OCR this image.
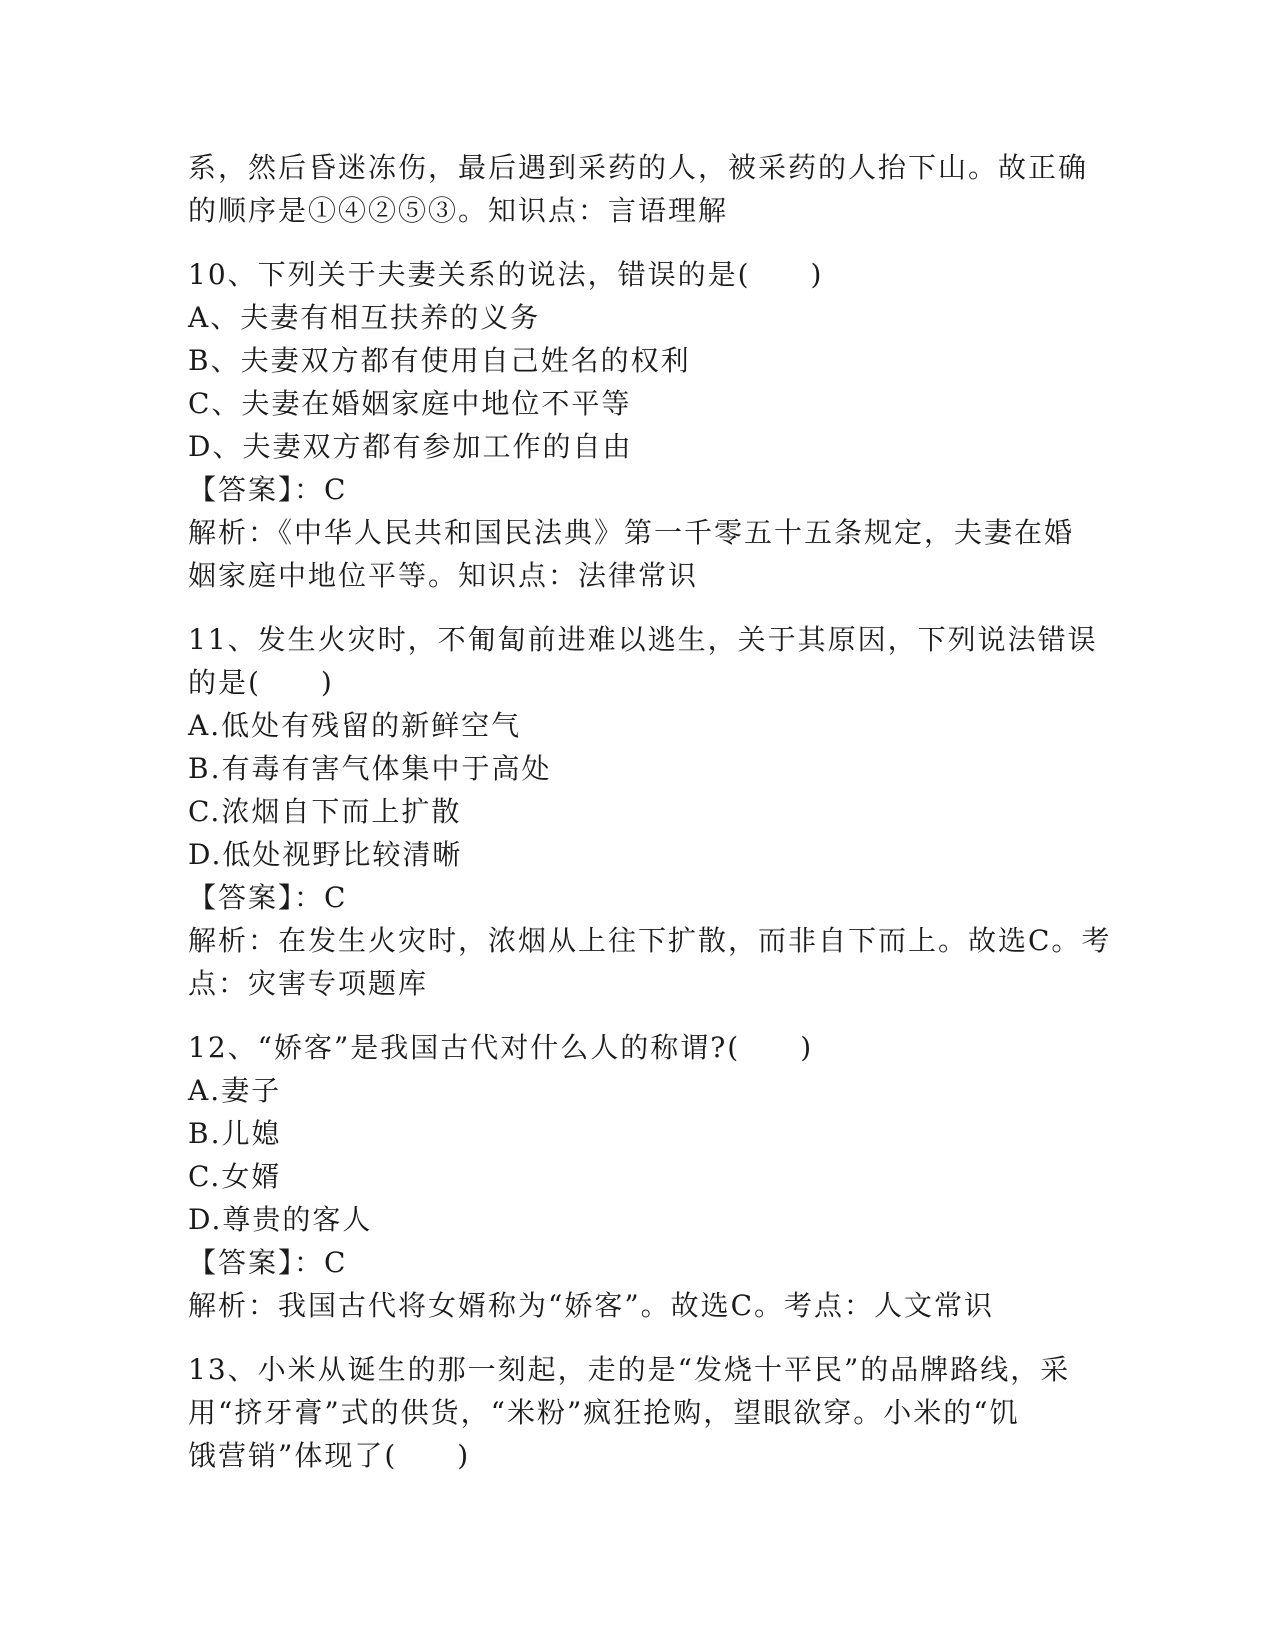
系，然后昏迷冻伤，最后遇到采药的人，被采药的人抬下山。故正确
的顺序是①④②⑤③。知识点：言语理解
10、下列关于夫妻关系的说法，错误的是(　　)
A、夫妻有相互扶养的义务
B、夫妻双方都有使用自己姓名的权利
C、夫妻在婚姻家庭中地位不平等
D、夫妻双方都有参加工作的自由
【答案】：C
解析：《中华人民共和国民法典》第一千零五十五条规定，夫妻在婚
姻家庭中地位平等。知识点：法律常识
11、发生火灾时，不匍匐前进难以逃生，关于其原因，下列说法错误
的是(　　)
A.低处有残留的新鲜空气
B.有毒有害气体集中于高处
C.浓烟自下而上扩散
D.低处视野比较清晰
【答案】：C
解析：在发生火灾时，浓烟从上往下扩散，而非自下而上。故选C。考
点：灾害专项题库
12、“娇客”是我国古代对什么人的称谓?(　　)
A.妻子
B.儿媳
C.女婿
D.尊贵的客人
【答案】：C
解析：我国古代将女婿称为“娇客”。故选C。考点：人文常识
13、小米从诞生的那一刻起，走的是“发烧十平民”的品牌路线，采
用“挤牙膏”式的供货，“米粉”疯狂抢购，望眼欲穿。小米的“饥
饿营销”体现了(　　)
